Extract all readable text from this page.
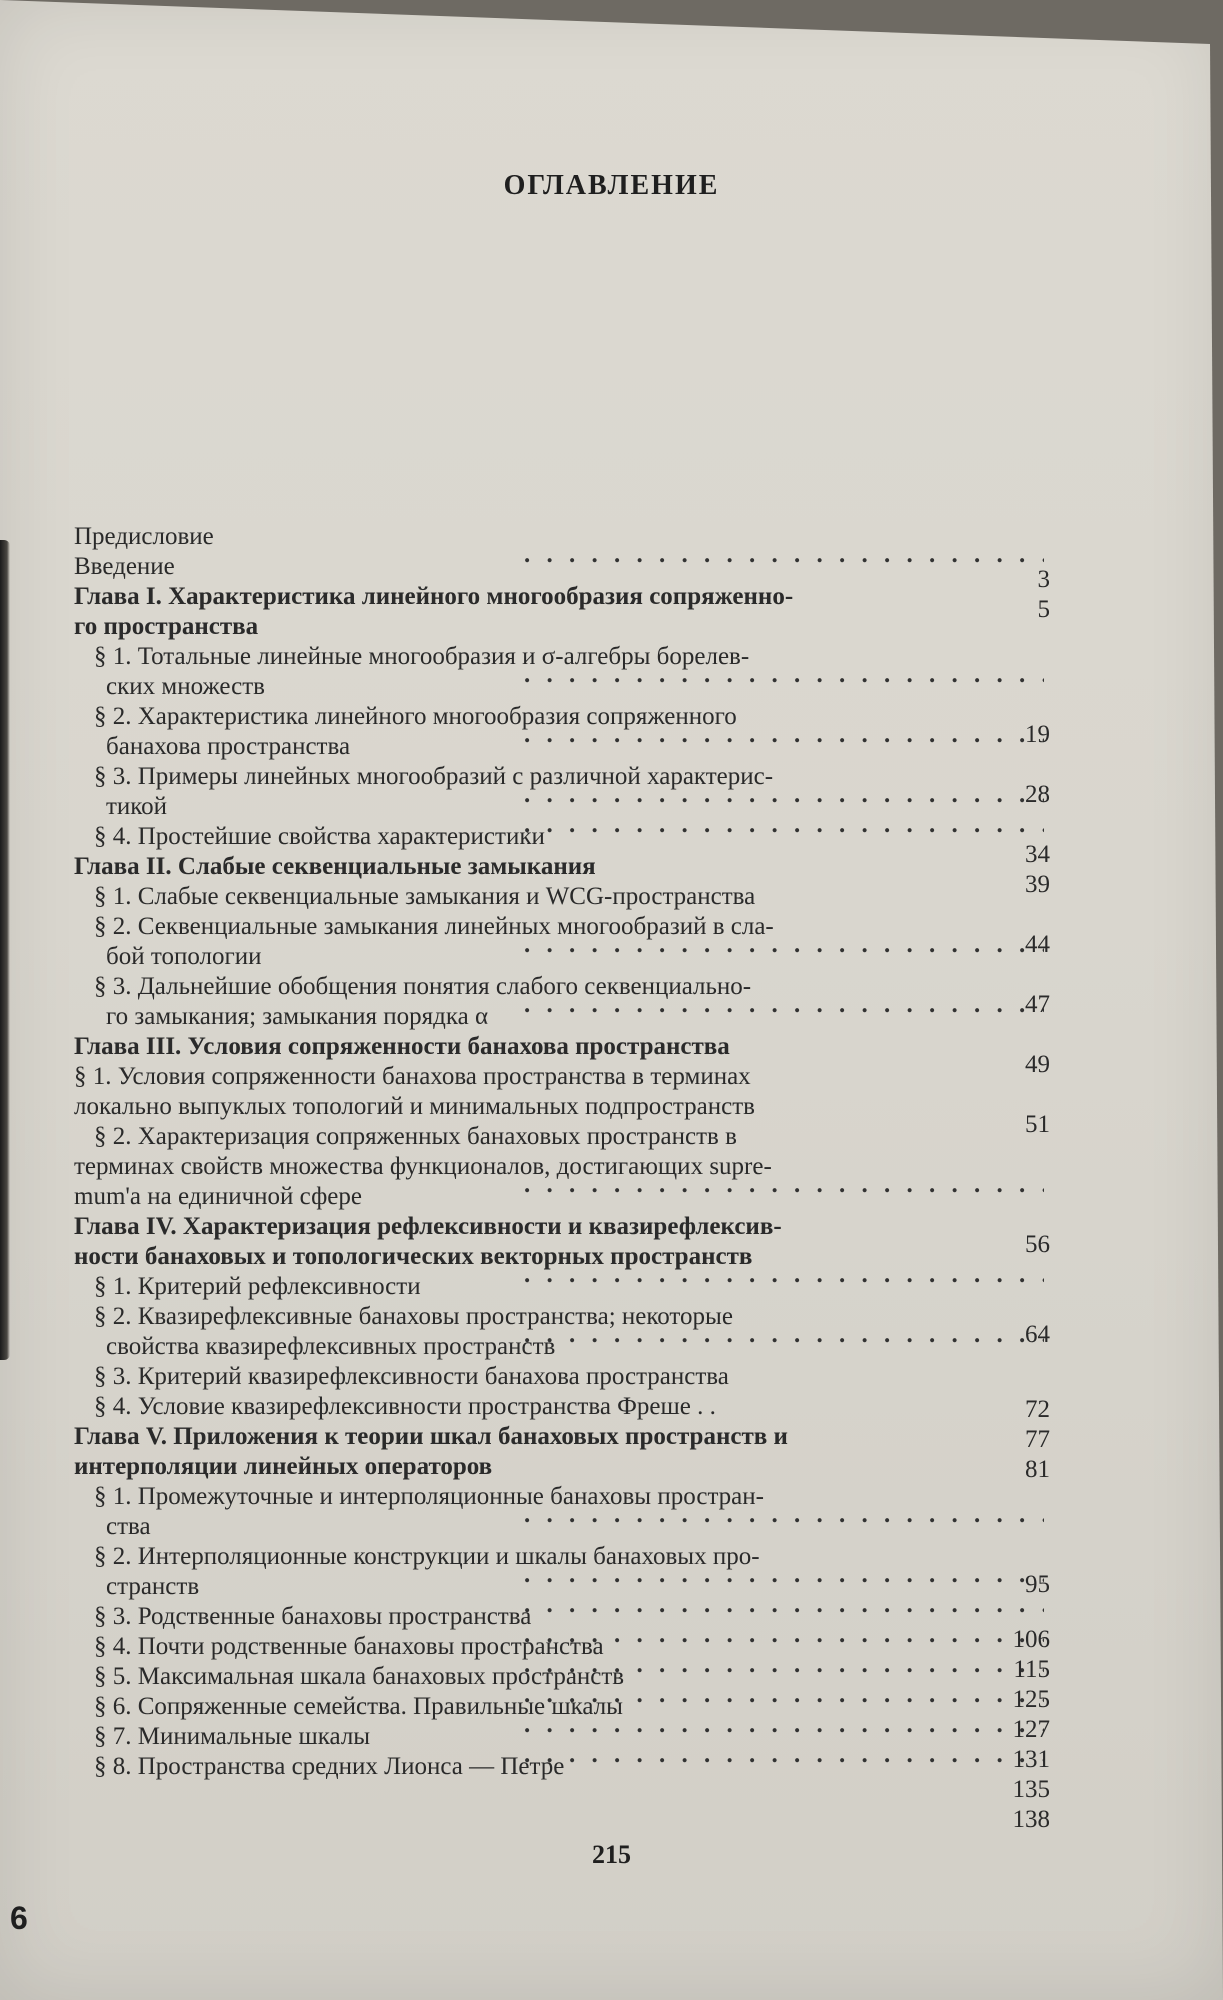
ОГЛАВЛЕНИЕ
Предисловие
Введение . . .
Глава I. Характеристика линейного многообразия сопряженно-
го пространства
§ 1. Тотальные линейные многообразия и σ-алгебры борелев-
ских множеств . . .
§ 2. Характеристика линейного многообразия сопряженного
банахова пространства . . .
§ 3. Примеры линейных многообразий с различной характерис-
тикой . . .
§ 4. Простейшие свойства характеристики . . .
Глава II. Слабые секвенциальные замыкания
§ 1. Слабые секвенциальные замыкания и WCG-пространства
§ 2. Секвенциальные замыкания линейных многообразий в сла-
бой топологии . . .
§ 3. Дальнейшие обобщения понятия слабого секвенциально-
го замыкания; замыкания порядка α . . .
Глава III. Условия сопряженности банахова пространства
§ 1. Условия сопряженности банахова пространства в терминах
локально выпуклых топологий и минимальных подпространств
§ 2. Характеризация сопряженных банаховых пространств в
терминах свойств множества функционалов, достигающих supre-
mum'a на единичной сфере . . .
Глава IV. Характеризация рефлексивности и квазирефлексив-
ности банаховых и топологических векторных пространств
§ 1. Критерий рефлексивности . . .
§ 2. Квазирефлексивные банаховы пространства; некоторые
свойства квазирефлексивных пространств . . .
§ 3. Критерий квазирефлексивности банахова пространства
§ 4. Условие квазирефлексивности пространства Фреше . .
Глава V. Приложения к теории шкал банаховых пространств и
интерполяции линейных операторов
§ 1. Промежуточные и интерполяционные банаховы простран-
ства . . .
§ 2. Интерполяционные конструкции и шкалы банаховых про-
странств . . .
§ 3. Родственные банаховы пространства . . .
§ 4. Почти родственные банаховы пространства . . .
§ 5. Максимальная шкала банаховых пространств . . .
§ 6. Сопряженные семейства. Правильные шкалы . . .
§ 7. Минимальные шкалы . . .
§ 8. Пространства средних Лионса — Петре . . .
3
5
19
28
34
39
44
47
49
51
56
64
72
77
81
95
106
115
125
127
131
135
138
215
6
